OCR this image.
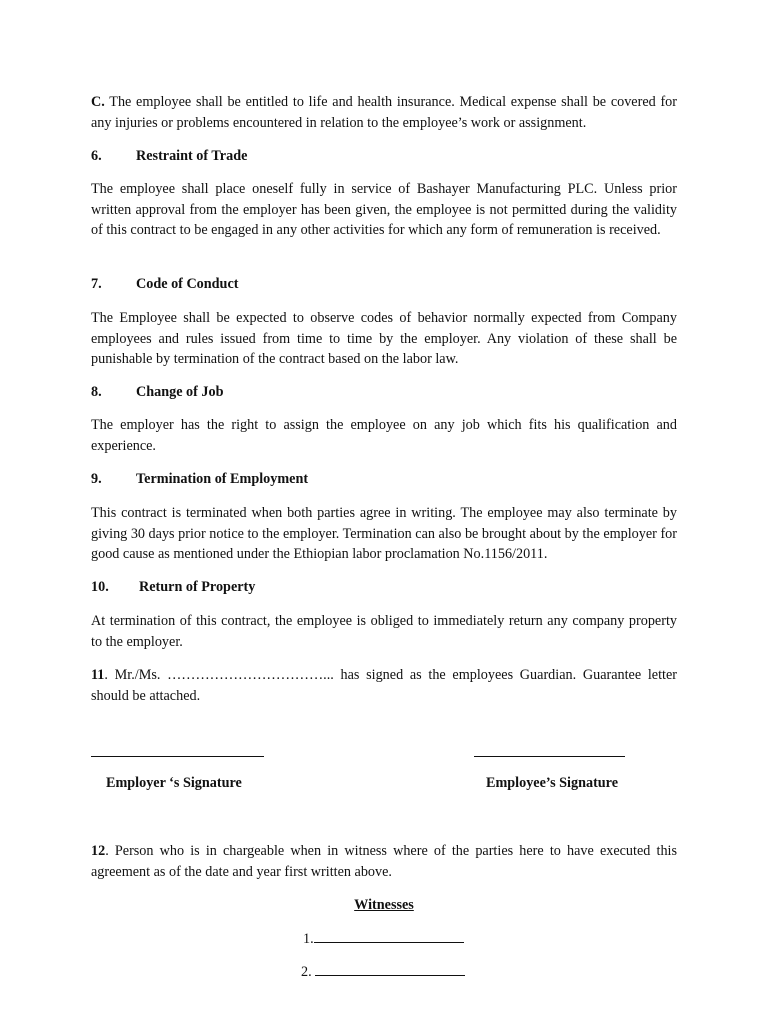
C. The employee shall be entitled to life and health insurance. Medical expense shall be covered for any injuries or problems encountered in relation to the employee’s work or assignment.

6. Restraint of Trade

The employee shall place oneself fully in service of Bashayer Manufacturing PLC. Unless prior written approval from the employer has been given, the employee is not permitted during the validity of this contract to be engaged in any other activities for which any form of remuneration is received.

7. Code of Conduct

The Employee shall be expected to observe codes of behavior normally expected from Company employees and rules issued from time to time by the employer. Any violation of these shall be punishable by termination of the contract based on the labor law.

8. Change of Job

The employer has the right to assign the employee on any job which fits his qualification and experience.

9. Termination of Employment

This contract is terminated when both parties agree in writing. The employee may also terminate by giving 30 days prior notice to the employer. Termination can also be brought about by the employer for good cause as mentioned under the Ethiopian labor proclamation No.1156/2011.

10. Return of Property

At termination of this contract, the employee is obliged to immediately return any company property to the employer.

11. Mr./Ms. ……………………………... has signed as the employees Guardian. Guarantee letter should be attached.

Employer ‘s Signature	Employee’s Signature

12. Person who is in chargeable when in witness where of the parties here to have executed this agreement as of the date and year first written above.

Witnesses
1.
2.
